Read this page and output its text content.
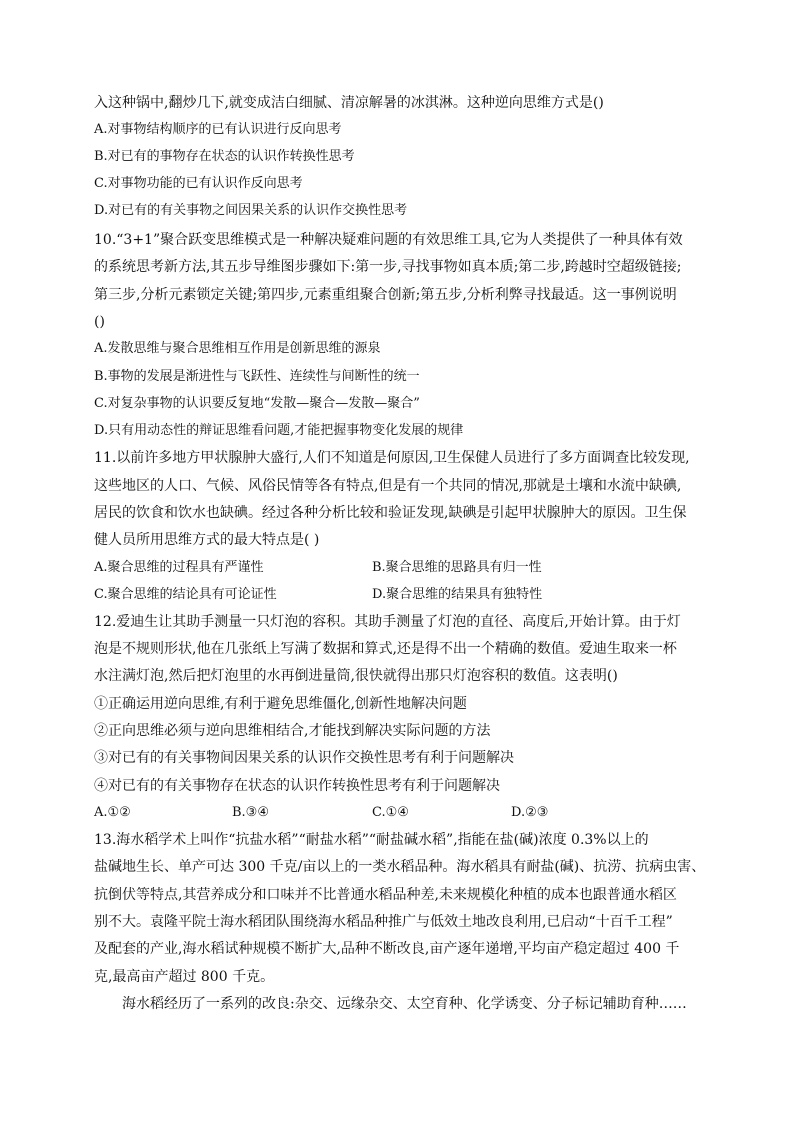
入这种锅中,翻炒几下,就变成洁白细腻、清凉解暑的冰淇淋。这种逆向思维方式是()
A.对事物结构顺序的已有认识进行反向思考
B.对已有的事物存在状态的认识作转换性思考
C.对事物功能的已有认识作反向思考
D.对已有的有关事物之间因果关系的认识作交换性思考
10.“3+1”聚合跃变思维模式是一种解决疑难问题的有效思维工具,它为人类提供了一种具体有效
的系统思考新方法,其五步导维图步骤如下:第一步,寻找事物如真本质;第二步,跨越时空超级链接;
第三步,分析元素锁定关键;第四步,元素重组聚合创新;第五步,分析利弊寻找最适。这一事例说明
()
A.发散思维与聚合思维相互作用是创新思维的源泉
B.事物的发展是渐进性与飞跃性、连续性与间断性的统一
C.对复杂事物的认识要反复地“发散—聚合—发散—聚合”
D.只有用动态性的辩证思维看问题,才能把握事物变化发展的规律
11.以前许多地方甲状腺肿大盛行,人们不知道是何原因,卫生保健人员进行了多方面调查比较发现,
这些地区的人口、气候、风俗民情等各有特点,但是有一个共同的情况,那就是土壤和水流中缺碘,
居民的饮食和饮水也缺碘。经过各种分析比较和验证发现,缺碘是引起甲状腺肿大的原因。卫生保
健人员所用思维方式的最大特点是( )
A.聚合思维的过程具有严谨性	B.聚合思维的思路具有归一性
C.聚合思维的结论具有可论证性	D.聚合思维的结果具有独特性
12.爱迪生让其助手测量一只灯泡的容积。其助手测量了灯泡的直径、高度后,开始计算。由于灯
泡是不规则形状,他在几张纸上写满了数据和算式,还是得不出一个精确的数值。爱迪生取来一杯
水注满灯泡,然后把灯泡里的水再倒进量筒,很快就得出那只灯泡容积的数值。这表明()
①正确运用逆向思维,有利于避免思维僵化,创新性地解决问题
②正向思维必须与逆向思维相结合,才能找到解决实际问题的方法
③对已有的有关事物间因果关系的认识作交换性思考有利于问题解决
④对已有的有关事物存在状态的认识作转换性思考有利于问题解决
A.①②	B.③④	C.①④	D.②③
13.海水稻学术上叫作“抗盐水稻”“耐盐水稻”“耐盐碱水稻”,指能在盐(碱)浓度 0.3%以上的
盐碱地生长、单产可达 300 千克/亩以上的一类水稻品种。海水稻具有耐盐(碱)、抗涝、抗病虫害、
抗倒伏等特点,其营养成分和口味并不比普通水稻品种差,未来规模化种植的成本也跟普通水稻区
别不大。袁隆平院士海水稻团队围绕海水稻品种推广与低效土地改良利用,已启动“十百千工程”
及配套的产业,海水稻试种规模不断扩大,品种不断改良,亩产逐年递增,平均亩产稳定超过 400 千
克,最高亩产超过 800 千克。
海水稻经历了一系列的改良:杂交、远缘杂交、太空育种、化学诱变、分子标记辅助育种……
